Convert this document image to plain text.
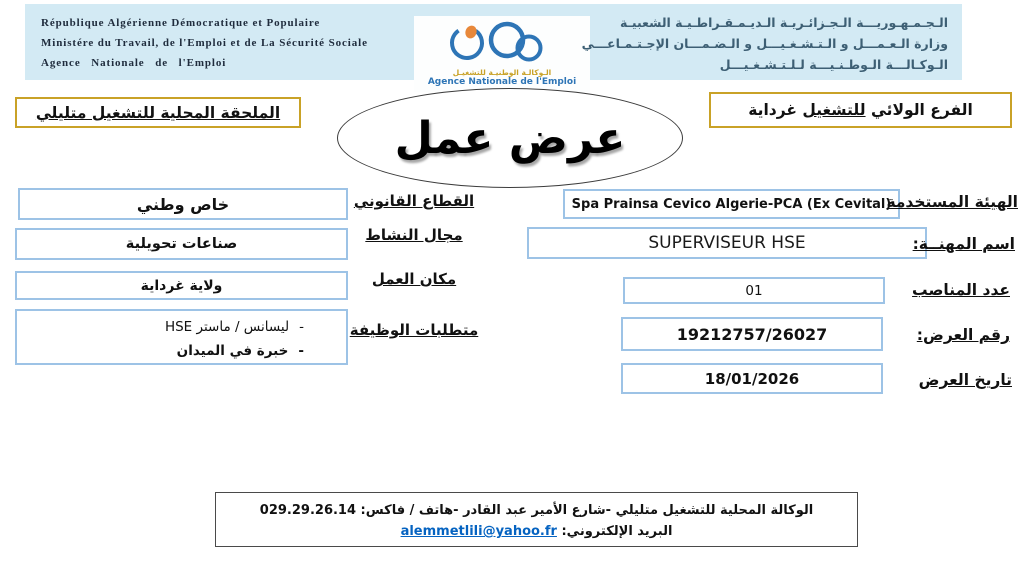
République Algérienne Démocratique et Populaire
Ministére du Travail, de l'Emploi et de La Sécurité Sociale
Agence Nationale de l'Emploi
الـوكالـة الوطنيـة للتشغيـل
Agence Nationale de l'Emploi
الـجـمـهـوريـــة الـجـزائـريـة الـديـمـقـراطـيـة الشعبيـة
وزارة الـعـمـــل و الـتـشـغـيـــل و الـضـمـــان الإجـتـمـاعـــي
الـوكـالـــة الـوطـنـيـــة لـلـتـشـغـيـــل
الملحقة المحلية للتشغيل متليلي	الفرع الولائي للتشغيل غرداية
عرض عمل
خاص وطني
صناعات تحويلية
ولاية غرداية
-ليسانس / ماستر HSE
-خبرة في الميدان
القطاع القانوني
مجال النشاط
مكان العمل
متطلبات الوظيفة
Spa Prainsa Cevico Algerie-PCA (Ex Cevital)
SUPERVISEUR HSE
01
19212757/26027
18/01/2026
الهيئة المستخدمة
اسم المهنــة:
عدد المناصب
رقم العرض:
تاريخ العرض
الوكالة المحلية للتشغيل متليلي -شارع الأمير عبد القادر -هاتف / فاكس: 029.29.26.14
البريد الإلكتروني: alemmetlili@yahoo.fr
